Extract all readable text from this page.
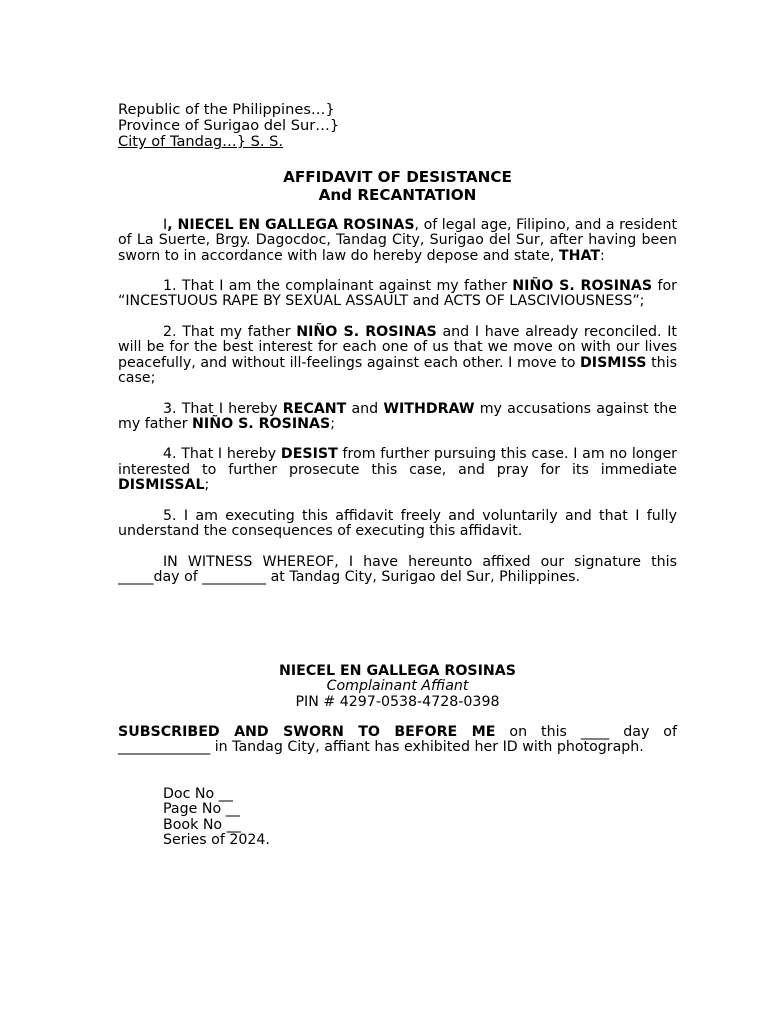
Republic of the Philippines…}
Province of Surigao del Sur…}
City of Tandag…} S. S.
AFFIDAVIT OF DESISTANCE
And RECANTATION

I, NIECEL EN GALLEGA ROSINAS, of legal age, Filipino, and a resident of La Suerte, Brgy. Dagocdoc, Tandag City, Surigao del Sur, after having been sworn to in accordance with law do hereby depose and state, THAT:

1. That I am the complainant against my father NIÑO S. ROSINAS for “INCESTUOUS RAPE BY SEXUAL ASSAULT and ACTS OF LASCIVIOUSNESS”;

2. That my father NIÑO S. ROSINAS and I have already reconciled. It will be for the best interest for each one of us that we move on with our lives peacefully, and without ill-feelings against each other. I move to DISMISS this case;

3. That I hereby RECANT and WITHDRAW my accusations against the my father NIÑO S. ROSINAS;

4. That I hereby DESIST from further pursuing this case. I am no longer interested to further prosecute this case, and pray for its immediate DISMISSAL;

5. I am executing this affidavit freely and voluntarily and that I fully understand the consequences of executing this affidavit.

IN WITNESS WHEREOF, I have hereunto affixed our signature this _____day of _________ at Tandag City, Surigao del Sur, Philippines.

NIECEL EN GALLEGA ROSINAS
Complainant Affiant
PIN # 4297-0538-4728-0398

SUBSCRIBED AND SWORN TO BEFORE ME on this ____ day of _____________ in Tandag City, affiant has exhibited her ID with photograph.

Doc No __
Page No __
Book No __
Series of 2024.
